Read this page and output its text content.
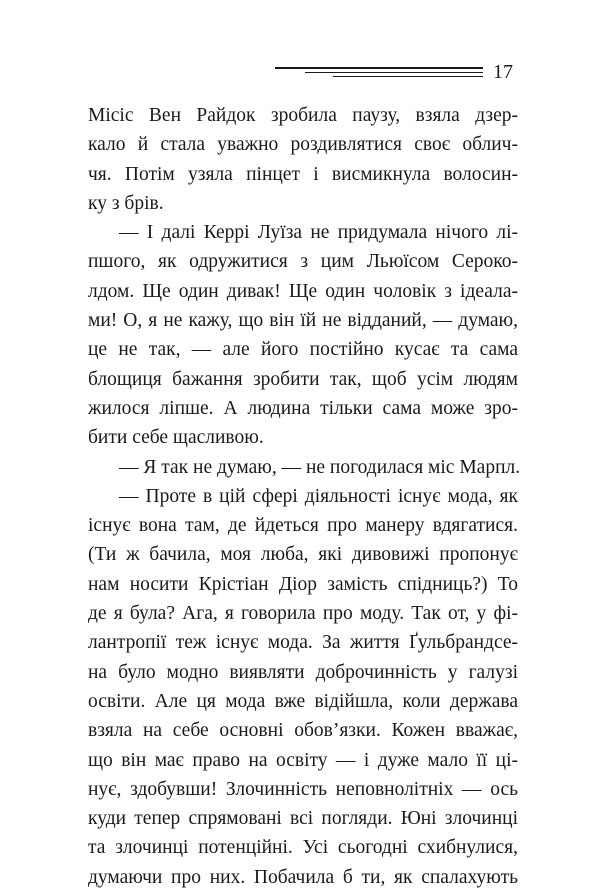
17
Місіс Вен Райдок зробила паузу, взяла дзер-
кало й стала уважно роздивлятися своє облич-
чя. Потім узяла пінцет і висмикнула волосин-
ку з брів.
— І далі Керрі Луїза не придумала нічого лі-
пшого, як одружитися з цим Льюїсом Сероко-
лдом. Ще один дивак! Ще один чоловік з ідеала-
ми! О, я не кажу, що він їй не відданий, — думаю,
це не так, — але його постійно кусає та сама
блощиця бажання зробити так, щоб усім людям
жилося ліпше. А людина тільки сама може зро-
бити себе щасливою.
— Я так не думаю, — не погодилася міс Марпл.
— Проте в цій сфері діяльності існує мода, як
існує вона там, де йдеться про манеру вдягатися.
(Ти ж бачила, моя люба, які дивовижі пропонує
нам носити Крістіан Діор замість спідниць?) То
де я була? Ага, я говорила про моду. Так от, у фі-
лантропії теж існує мода. За життя Ґульбрандсе-
на було модно виявляти доброчинність у галузі
освіти. Але ця мода вже відійшла, коли держава
взяла на себе основні обов’язки. Кожен вважає,
що він має право на освіту — і дуже мало її ці-
нує, здобувши! Злочинність неповнолітніх — ось
куди тепер спрямовані всі погляди. Юні злочинці
та злочинці потенційні. Усі сьогодні схибнулися,
думаючи про них. Побачила б ти, як спалахують
